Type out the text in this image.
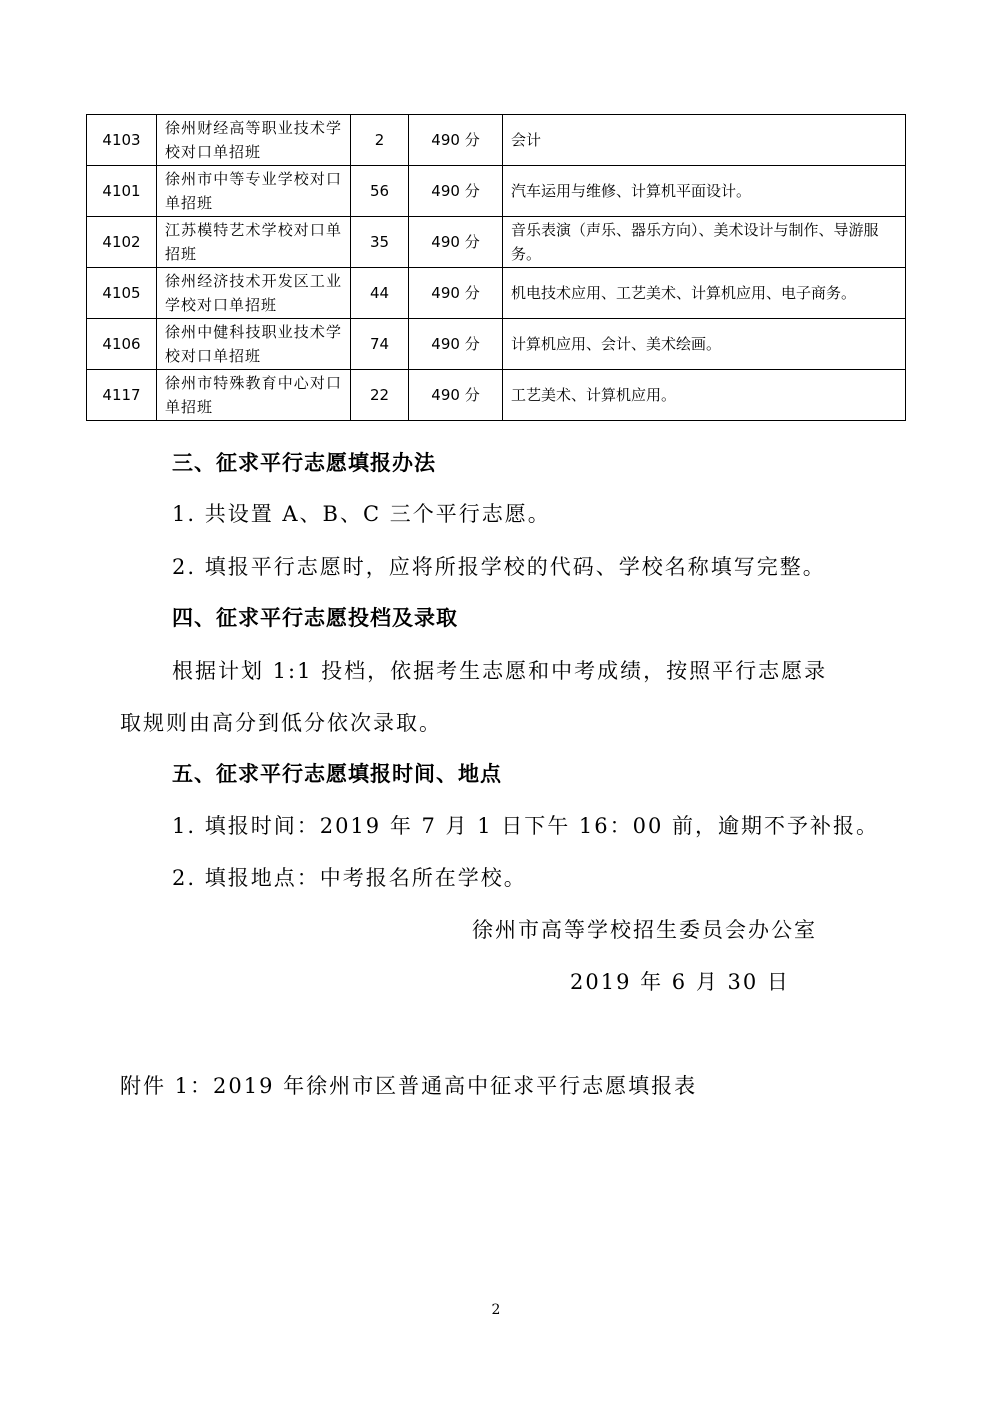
4103	徐州财经高等职业技术学校对口单招班	2	490 分	会计
4101	徐州市中等专业学校对口单招班	56	490 分	汽车运用与维修、计算机平面设计。
4102	江苏模特艺术学校对口单招班	35	490 分	音乐表演（声乐、器乐方向）、美术设计与制作、导游服务。
4105	徐州经济技术开发区工业学校对口单招班	44	490 分	机电技术应用、工艺美术、计算机应用、电子商务。
4106	徐州中健科技职业技术学校对口单招班	74	490 分	计算机应用、会计、美术绘画。
4117	徐州市特殊教育中心对口单招班	22	490 分	工艺美术、计算机应用。
三、征求平行志愿填报办法
1. 共设置 A、B、C 三个平行志愿。
2. 填报平行志愿时，应将所报学校的代码、学校名称填写完整。
四、征求平行志愿投档及录取
根据计划 1:1 投档，依据考生志愿和中考成绩，按照平行志愿录
取规则由高分到低分依次录取。
五、征求平行志愿填报时间、地点
1. 填报时间：2019 年 7 月 1 日下午 16：00 前，逾期不予补报。
2. 填报地点：中考报名所在学校。
徐州市高等学校招生委员会办公室
2019 年 6 月 30 日
附件 1：2019 年徐州市区普通高中征求平行志愿填报表
2
